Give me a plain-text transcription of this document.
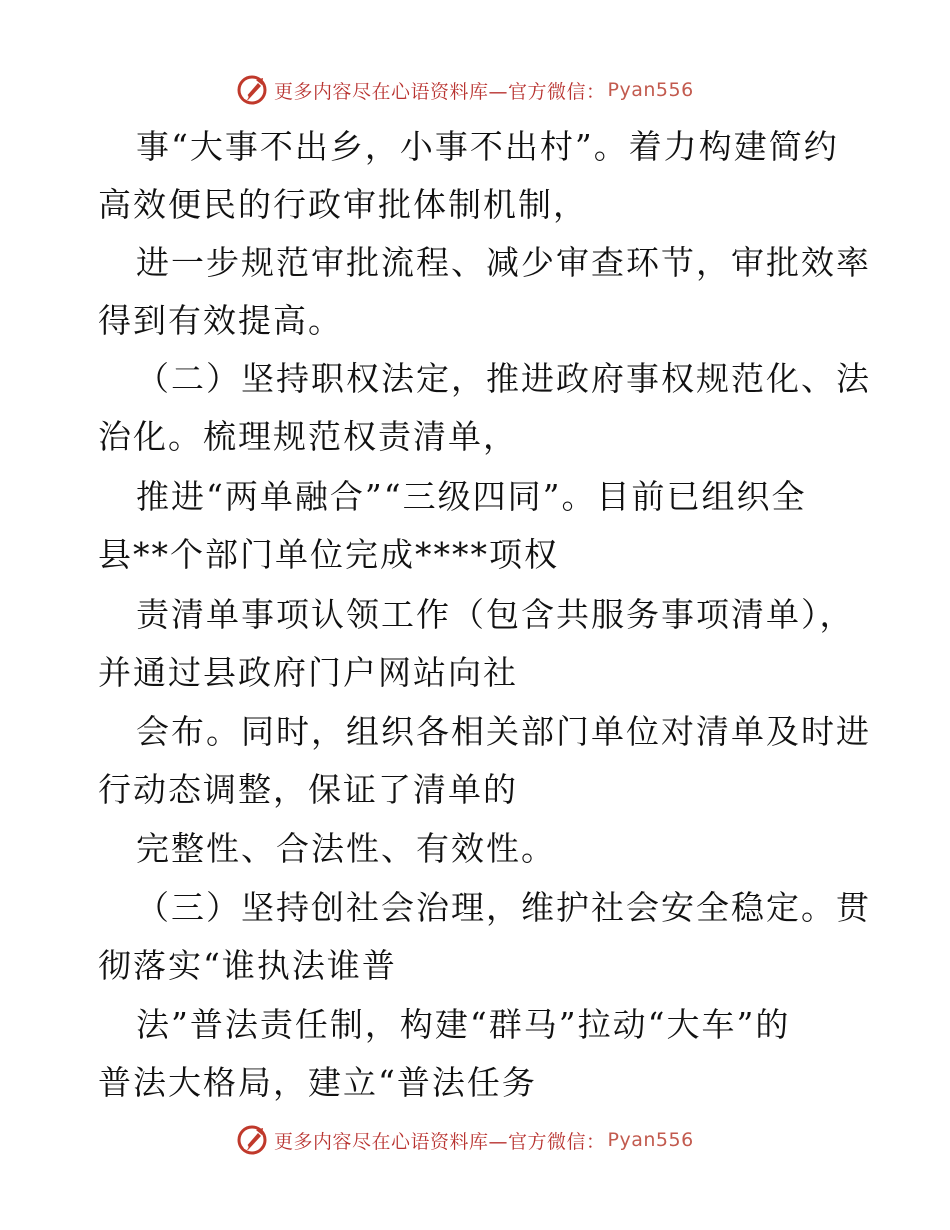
更多内容尽在心语资料库—官方微信： Pyan556
事“大事不出乡，小事不出村”。着力构建简约
高效便民的行政审批体制机制，
进一步规范审批流程、减少审查环节，审批效率
得到有效提高。
（二）坚持职权法定，推进政府事权规范化、法
治化。梳理规范权责清单，
推进“两单融合”“三级四同”。目前已组织全
县**个部门单位完成****项权
责清单事项认领工作（包含共服务事项清单），
并通过县政府门户网站向社
会布。同时，组织各相关部门单位对清单及时进
行动态调整，保证了清单的
完整性、合法性、有效性。
（三）坚持创社会治理，维护社会安全稳定。贯
彻落实“谁执法谁普
法”普法责任制，构建“群马”拉动“大车”的
普法大格局，建立“普法任务
更多内容尽在心语资料库—官方微信： Pyan556
